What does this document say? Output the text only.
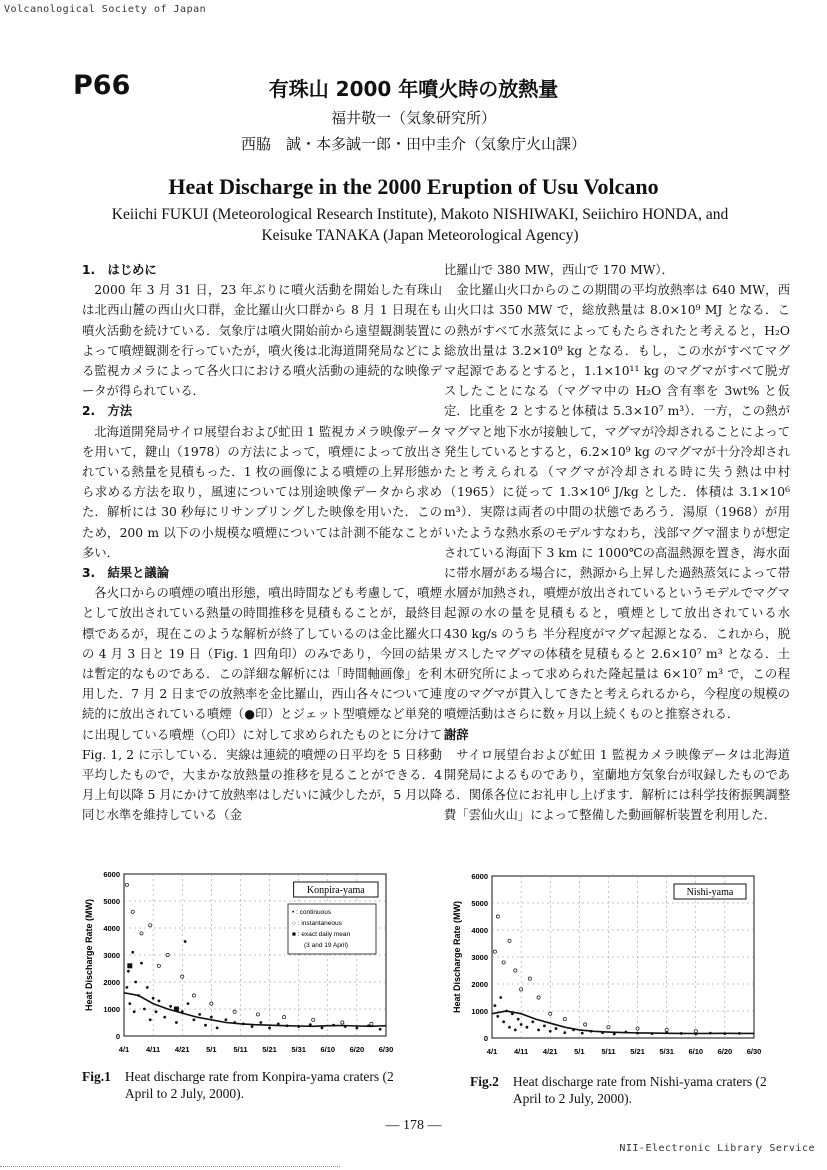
Volcanological Society of Japan
P66	有珠山 2000 年噴火時の放熱量
福井敬一（気象研究所）
西脇　誠・本多誠一郎・田中圭介（気象庁火山課）
Heat Discharge in the 2000 Eruption of Usu Volcano
Keiichi FUKUI (Meteorological Research Institute), Makoto NISHIWAKI, Seiichiro HONDA, and Keisuke TANAKA (Japan Meteorological Agency)

1.　はじめに

2000 年 3 月 31 日，23 年ぶりに噴火活動を開始した有珠山は北西山麓の西山火口群，金比羅山火口群から 8 月 1 日現在も噴火活動を続けている．気象庁は噴火開始前から遠望観測装置によって噴煙観測を行っていたが，噴火後は北海道開発局などによる監視カメラによって各火口における噴火活動の連続的な映像データが得られている．

2.　方法

北海道開発局サイロ展望台および虻田 1 監視カメラ映像データを用いて，鍵山（1978）の方法によって，噴煙によって放出されている熱量を見積もった．1 枚の画像による噴煙の上昇形態から求める方法を取り，風速については別途映像データから求めた．解析には 30 秒毎にリサンプリングした映像を用いた．このため，200 m 以下の小規模な噴煙については計測不能なことが多い．

3.　結果と議論

各火口からの噴煙の噴出形態，噴出時間なども考慮して，噴煙として放出されている熱量の時間推移を見積もることが，最終目標であるが，現在このような解析が終了しているのは金比羅火口の 4 月 3 日と 19 日（Fig. 1 四角印）のみであり，今回の結果は暫定的なものである．この詳細な解析には「時間軸画像」を利用した．7 月 2 日までの放熱率を金比羅山，西山各々について連続的に放出されている噴煙（●印）とジェット型噴煙など単発的に出現している噴煙（○印）に対して求められたものとに分けて Fig. 1, 2 に示している．実線は連続的噴煙の日平均を 5 日移動平均したもので，大まかな放熱量の推移を見ることができる．4 月上旬以降 5 月にかけて放熱率はしだいに減少したが，5 月以降同じ水準を維持している（金

比羅山で 380 MW，西山で 170 MW）．

金比羅山火口からのこの期間の平均放熱率は 640 MW，西山火口は 350 MW で，総放熱量は 8.0×10⁹ MJ となる．この熱がすべて水蒸気によってもたらされたと考えると，H₂O 総放出量は 3.2×10⁹ kg となる．もし，この水がすべてマグマ起源であるとすると，1.1×10¹¹ kg のマグマがすべて脱ガスしたことになる（マグマ中の H₂O 含有率を 3wt% と仮定．比重を 2 とすると体積は 5.3×10⁷ m³）．一方，この熱がマグマと地下水が接触して，マグマが冷却されることによって発生しているとすると，6.2×10⁹ kg のマグマが十分冷却されたと考えられる（マグマが冷却される時に失う熱は中村（1965）に従って 1.3×10⁶ J/kg とした．体積は 3.1×10⁶ m³）．実際は両者の中間の状態であろう．湯原（1968）が用いたような熱水系のモデルすなわち，浅部マグマ溜まりが想定されている海面下 3 km に 1000℃の高温熱源を置き，海水面に帯水層がある場合に，熱源から上昇した過熱蒸気によって帯水層が加熱され，噴煙が放出されているというモデルでマグマ起源の水の量を見積もると，噴煙として放出されている水 430 kg/s のうち 半分程度がマグマ起源となる．これから，脱ガスしたマグマの体積を見積もると 2.6×10⁷ m³ となる．土木研究所によって求められた隆起量は 6×10⁷ m³ で，この程度のマグマが貫入してきたと考えられるから，今程度の規模の噴煙活動はさらに数ヶ月以上続くものと推察される．

謝辞

サイロ展望台および虻田 1 監視カメラ映像データは北海道開発局によるものであり，室蘭地方気象台が収録したものである．関係各位にお礼申し上げます．解析には科学技術振興調整費「雲仙火山」によって整備した動画解析装置を利用した．

0
1000
2000
3000
4000
5000
6000
4/1 4/11 4/21 5/1 5/11 5/21 5/31 6/10 6/20 6/30
Heat Discharge Rate (MW)
Konpira-yama
• : continuous
○ : instantaneous
■ : exact daily mean
(3 and 19 April)
0
1000
2000
3000
4000
5000
6000
4/1 4/11 4/21 5/1 5/11 5/21 5/31 6/10 6/20 6/30
Heat Discharge Rate (MW)
Nishi-yama
Fig.1 Heat discharge rate from Konpira-yama craters (2 April to 2 July, 2000).
Fig.2 Heat discharge rate from Nishi-yama craters (2 April to 2 July, 2000).
— 178 —
NII-Electronic Library Service
